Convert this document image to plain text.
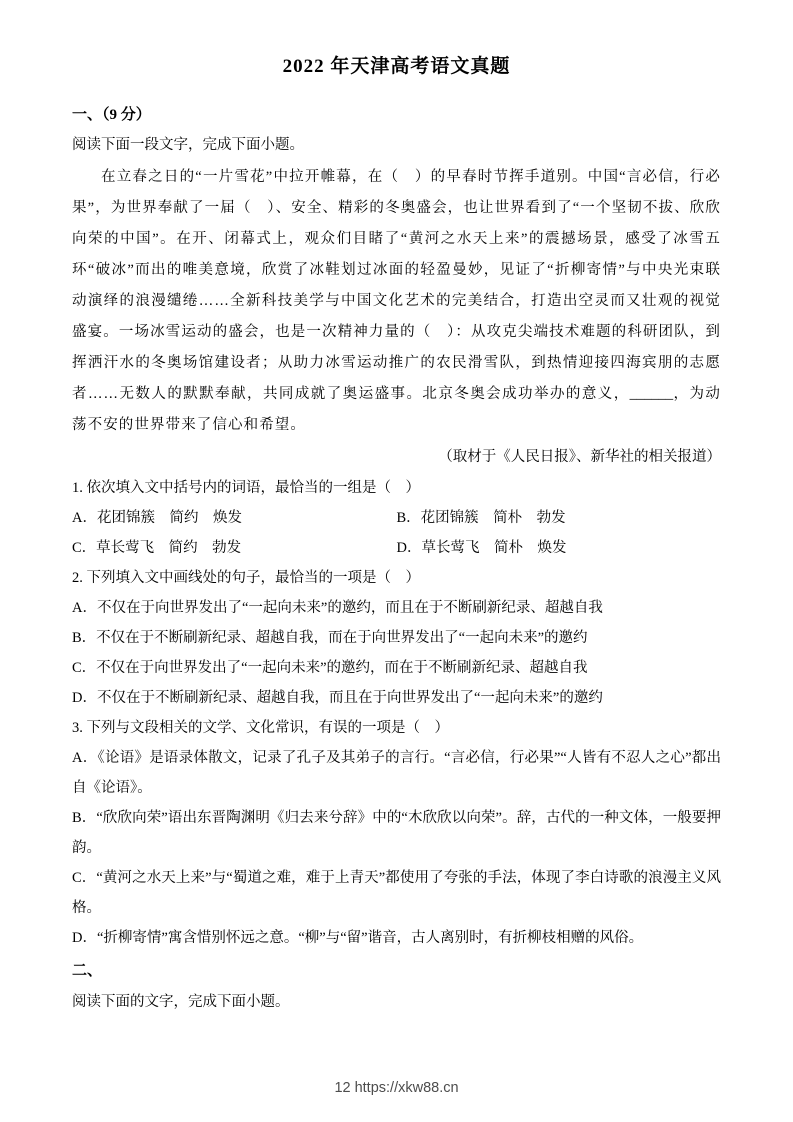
2022 年天津高考语文真题
一、（9 分）

阅读下面一段文字，完成下面小题。

在立春之日的“一片雪花”中拉开帷幕，在（　）的早春时节挥手道别。中国“言必信，行必果”，为世界奉献了一届（　）、安全、精彩的冬奥盛会，也让世界看到了“一个坚韧不拔、欣欣向荣的中国”。在开、闭幕式上，观众们目睹了“黄河之水天上来”的震撼场景，感受了冰雪五环“破冰”而出的唯美意境，欣赏了冰鞋划过冰面的轻盈曼妙，见证了“折柳寄情”与中央光束联动演绎的浪漫缱绻……全新科技美学与中国文化艺术的完美结合，打造出空灵而又壮观的视觉盛宴。一场冰雪运动的盛会，也是一次精神力量的（　）：从攻克尖端技术难题的科研团队，到挥洒汗水的冬奥场馆建设者；从助力冰雪运动推广的农民滑雪队，到热情迎接四海宾朋的志愿者……无数人的默默奉献，共同成就了奥运盛事。北京冬奥会成功举办的意义，______，为动荡不安的世界带来了信心和希望。

（取材于《人民日报》、新华社的相关报道）

1. 依次填入文中括号内的词语，最恰当的一组是（　）

A．花团锦簇　简约　焕发	B．花团锦簇　简朴　勃发

C．草长莺飞　简约　勃发	D．草长莺飞　简朴　焕发

2. 下列填入文中画线处的句子，最恰当的一项是（　）

A．不仅在于向世界发出了“一起向未来”的邀约，而且在于不断刷新纪录、超越自我

B．不仅在于不断刷新纪录、超越自我，而在于向世界发出了“一起向未来”的邀约

C．不仅在于向世界发出了“一起向未来”的邀约，而在于不断刷新纪录、超越自我

D．不仅在于不断刷新纪录、超越自我，而且在于向世界发出了“一起向未来”的邀约

3. 下列与文段相关的文学、文化常识，有误的一项是（　）

A．《论语》是语录体散文，记录了孔子及其弟子的言行。“言必信，行必果”“人皆有不忍人之心”都出自《论语》。

B．“欣欣向荣”语出东晋陶渊明《归去来兮辞》中的“木欣欣以向荣”。辞，古代的一种文体，一般要押韵。

C．“黄河之水天上来”与“蜀道之难，难于上青天”都使用了夸张的手法，体现了李白诗歌的浪漫主义风格。

D．“折柳寄情”寓含惜别怀远之意。“柳”与“留”谐音，古人离别时，有折柳枝相赠的风俗。

二、

阅读下面的文字，完成下面小题。

12 https://xkw88.cn
